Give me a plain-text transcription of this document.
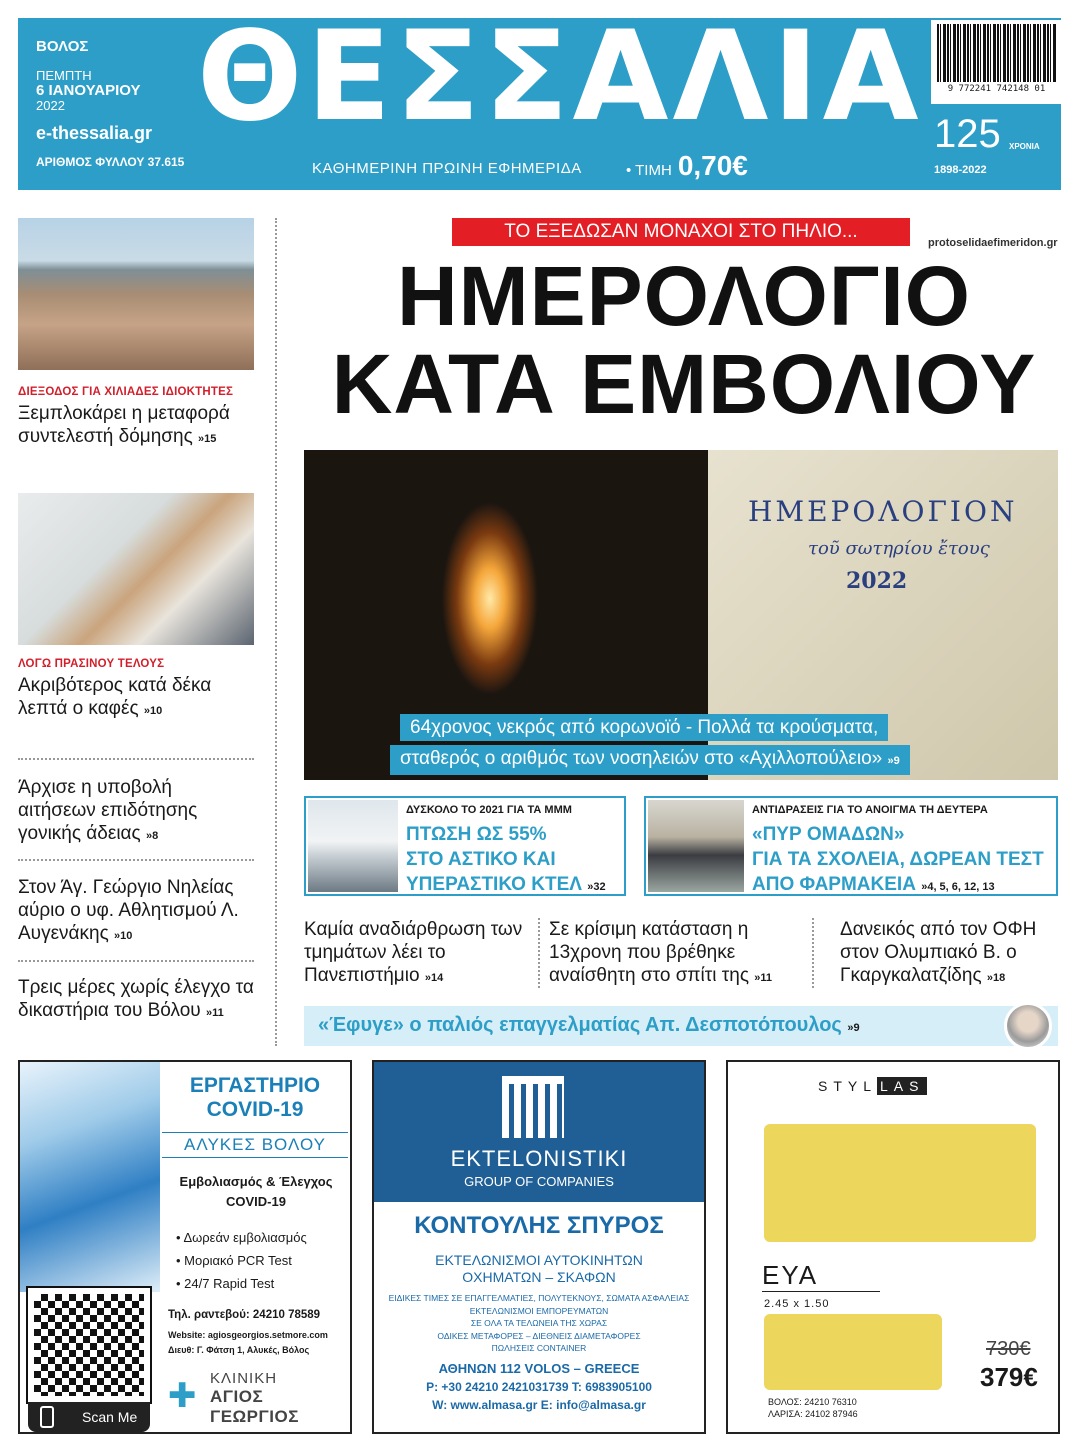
ΒΟΛΟΣ
ΠΕΜΠΤΗ
6 ΙΑΝΟΥΑΡΙΟΥ
2022
e-thessalia.gr
ΑΡΙΘΜΟΣ ΦΥΛΛΟΥ 37.615
ΘΕΣΣΑΛΙΑ
ΚΑΘΗΜΕΡΙΝΗ ΠΡΩΙΝΗ ΕΦΗΜΕΡΙΔΑ	• ΤΙΜΗ 0,70€
9 772241 742148 01
125 ΧΡΟΝΙΑ
1898-2022
ΔΙΕΞΟΔΟΣ ΓΙΑ ΧΙΛΙΑΔΕΣ ΙΔΙΟΚΤΗΤΕΣ
Ξεμπλοκάρει η μεταφορά συντελεστή δόμησης »15
ΛΟΓΩ ΠΡΑΣΙΝΟΥ ΤΕΛΟΥΣ
Ακριβότερος κατά δέκα λεπτά ο καφές »10
Άρχισε η υποβολή αιτήσεων επιδότησης γονικής άδειας »8
Στον Άγ. Γεώργιο Νηλείας αύριο ο υφ. Αθλητισμού Λ. Αυγενάκης »10
Τρεις μέρες χωρίς έλεγχο τα δικαστήρια του Βόλου »11
ΤΟ ΕΞΕΔΩΣΑΝ ΜΟΝΑΧΟΙ ΣΤΟ ΠΗΛΙΟ...
protoselidaefimeridon.gr
ΗΜΕΡΟΛΟΓΙΟ
ΚΑΤΑ ΕΜΒΟΛΙΟΥ
ΗΜΕΡΟΛΟΓΙΟΝ
τοῦ σωτηρίου ἔτους
2022
64χρονος νεκρός από κορωνοϊό - Πολλά τα κρούσματα,
σταθερός ο αριθμός των νοσηλειών στο «Αχιλλοπούλειο» »9
ΔΥΣΚΟΛΟ ΤΟ 2021 ΓΙΑ ΤΑ ΜΜΜ
ΠΤΩΣΗ ΩΣ 55%
ΣΤΟ ΑΣΤΙΚΟ ΚΑΙ
ΥΠΕΡΑΣΤΙΚΟ ΚΤΕΛ »32
ΑΝΤΙΔΡΑΣΕΙΣ ΓΙΑ ΤΟ ΑΝΟΙΓΜΑ ΤΗ ΔΕΥΤΕΡΑ
«ΠΥΡ ΟΜΑΔΩΝ»
ΓΙΑ ΤΑ ΣΧΟΛΕΙΑ, ΔΩΡΕΑΝ ΤΕΣΤ
ΑΠΟ ΦΑΡΜΑΚΕΙΑ »4, 5, 6, 12, 13
Καμία αναδιάρθρωση των τμημάτων λέει το Πανεπιστήμιο »14
Σε κρίσιμη κατάσταση η 13χρονη που βρέθηκε αναίσθητη στο σπίτι της »11
Δανεικός από τον ΟΦΗ στον Ολυμπιακό Β. ο Γκαργκαλατζίδης »18
«Έφυγε» ο παλιός επαγγελματίας Απ. Δεσποτόπουλος »9
ΕΡΓΑΣΤΗΡΙΟ
COVID-19
ΑΛΥΚΕΣ ΒΟΛΟΥ
Εμβολιασμός & Έλεγχος COVID-19
• Δωρεάν εμβολιασμός
• Μοριακό PCR Test
• 24/7 Rapid Test
Τηλ. ραντεβού: 24210 78589
Website: agiosgeorgios.setmore.com
Διευθ: Γ. Φάτση 1, Αλυκές, Βόλος
Scan Me
✚ ΚΛΙΝΙΚΗ
ΑΓΙΟΣ ΓΕΩΡΓΙΟΣ
EKTELONISTIKI
GROUP OF COMPANIES
ΚΟΝΤΟΥΛΗΣ ΣΠΥΡΟΣ
ΕΚΤΕΛΩΝΙΣΜΟΙ ΑΥΤΟΚΙΝΗΤΩΝ
ΟΧΗΜΑΤΩΝ – ΣΚΑΦΩΝ
ΕΙΔΙΚΕΣ ΤΙΜΕΣ ΣΕ ΕΠΑΓΓΕΛΜΑΤΙΕΣ, ΠΟΛΥΤΕΚΝΟΥΣ, ΣΩΜΑΤΑ ΑΣΦΑΛΕΙΑΣ
ΕΚΤΕΛΩΝΙΣΜΟΙ ΕΜΠΟΡΕΥΜΑΤΩΝ
ΣΕ ΟΛΑ ΤΑ ΤΕΛΩΝΕΙΑ ΤΗΣ ΧΩΡΑΣ
ΟΔΙΚΕΣ ΜΕΤΑΦΟΡΕΣ – ΔΙΕΘΝΕΙΣ ΔΙΑΜΕΤΑΦΟΡΕΣ
ΠΩΛΗΣΕΙΣ CONTAINER
ΑΘΗΝΩΝ 112 VOLOS – GREECE
P: +30 24210 2421031739 T: 6983905100
W: www.almasa.gr E: info@almasa.gr
STYL LAS
ΕΥΑ
2.45 x 1.50
730€
379€
ΒΟΛΟΣ: 24210 76310
ΛΑΡΙΣΑ: 24102 87946
